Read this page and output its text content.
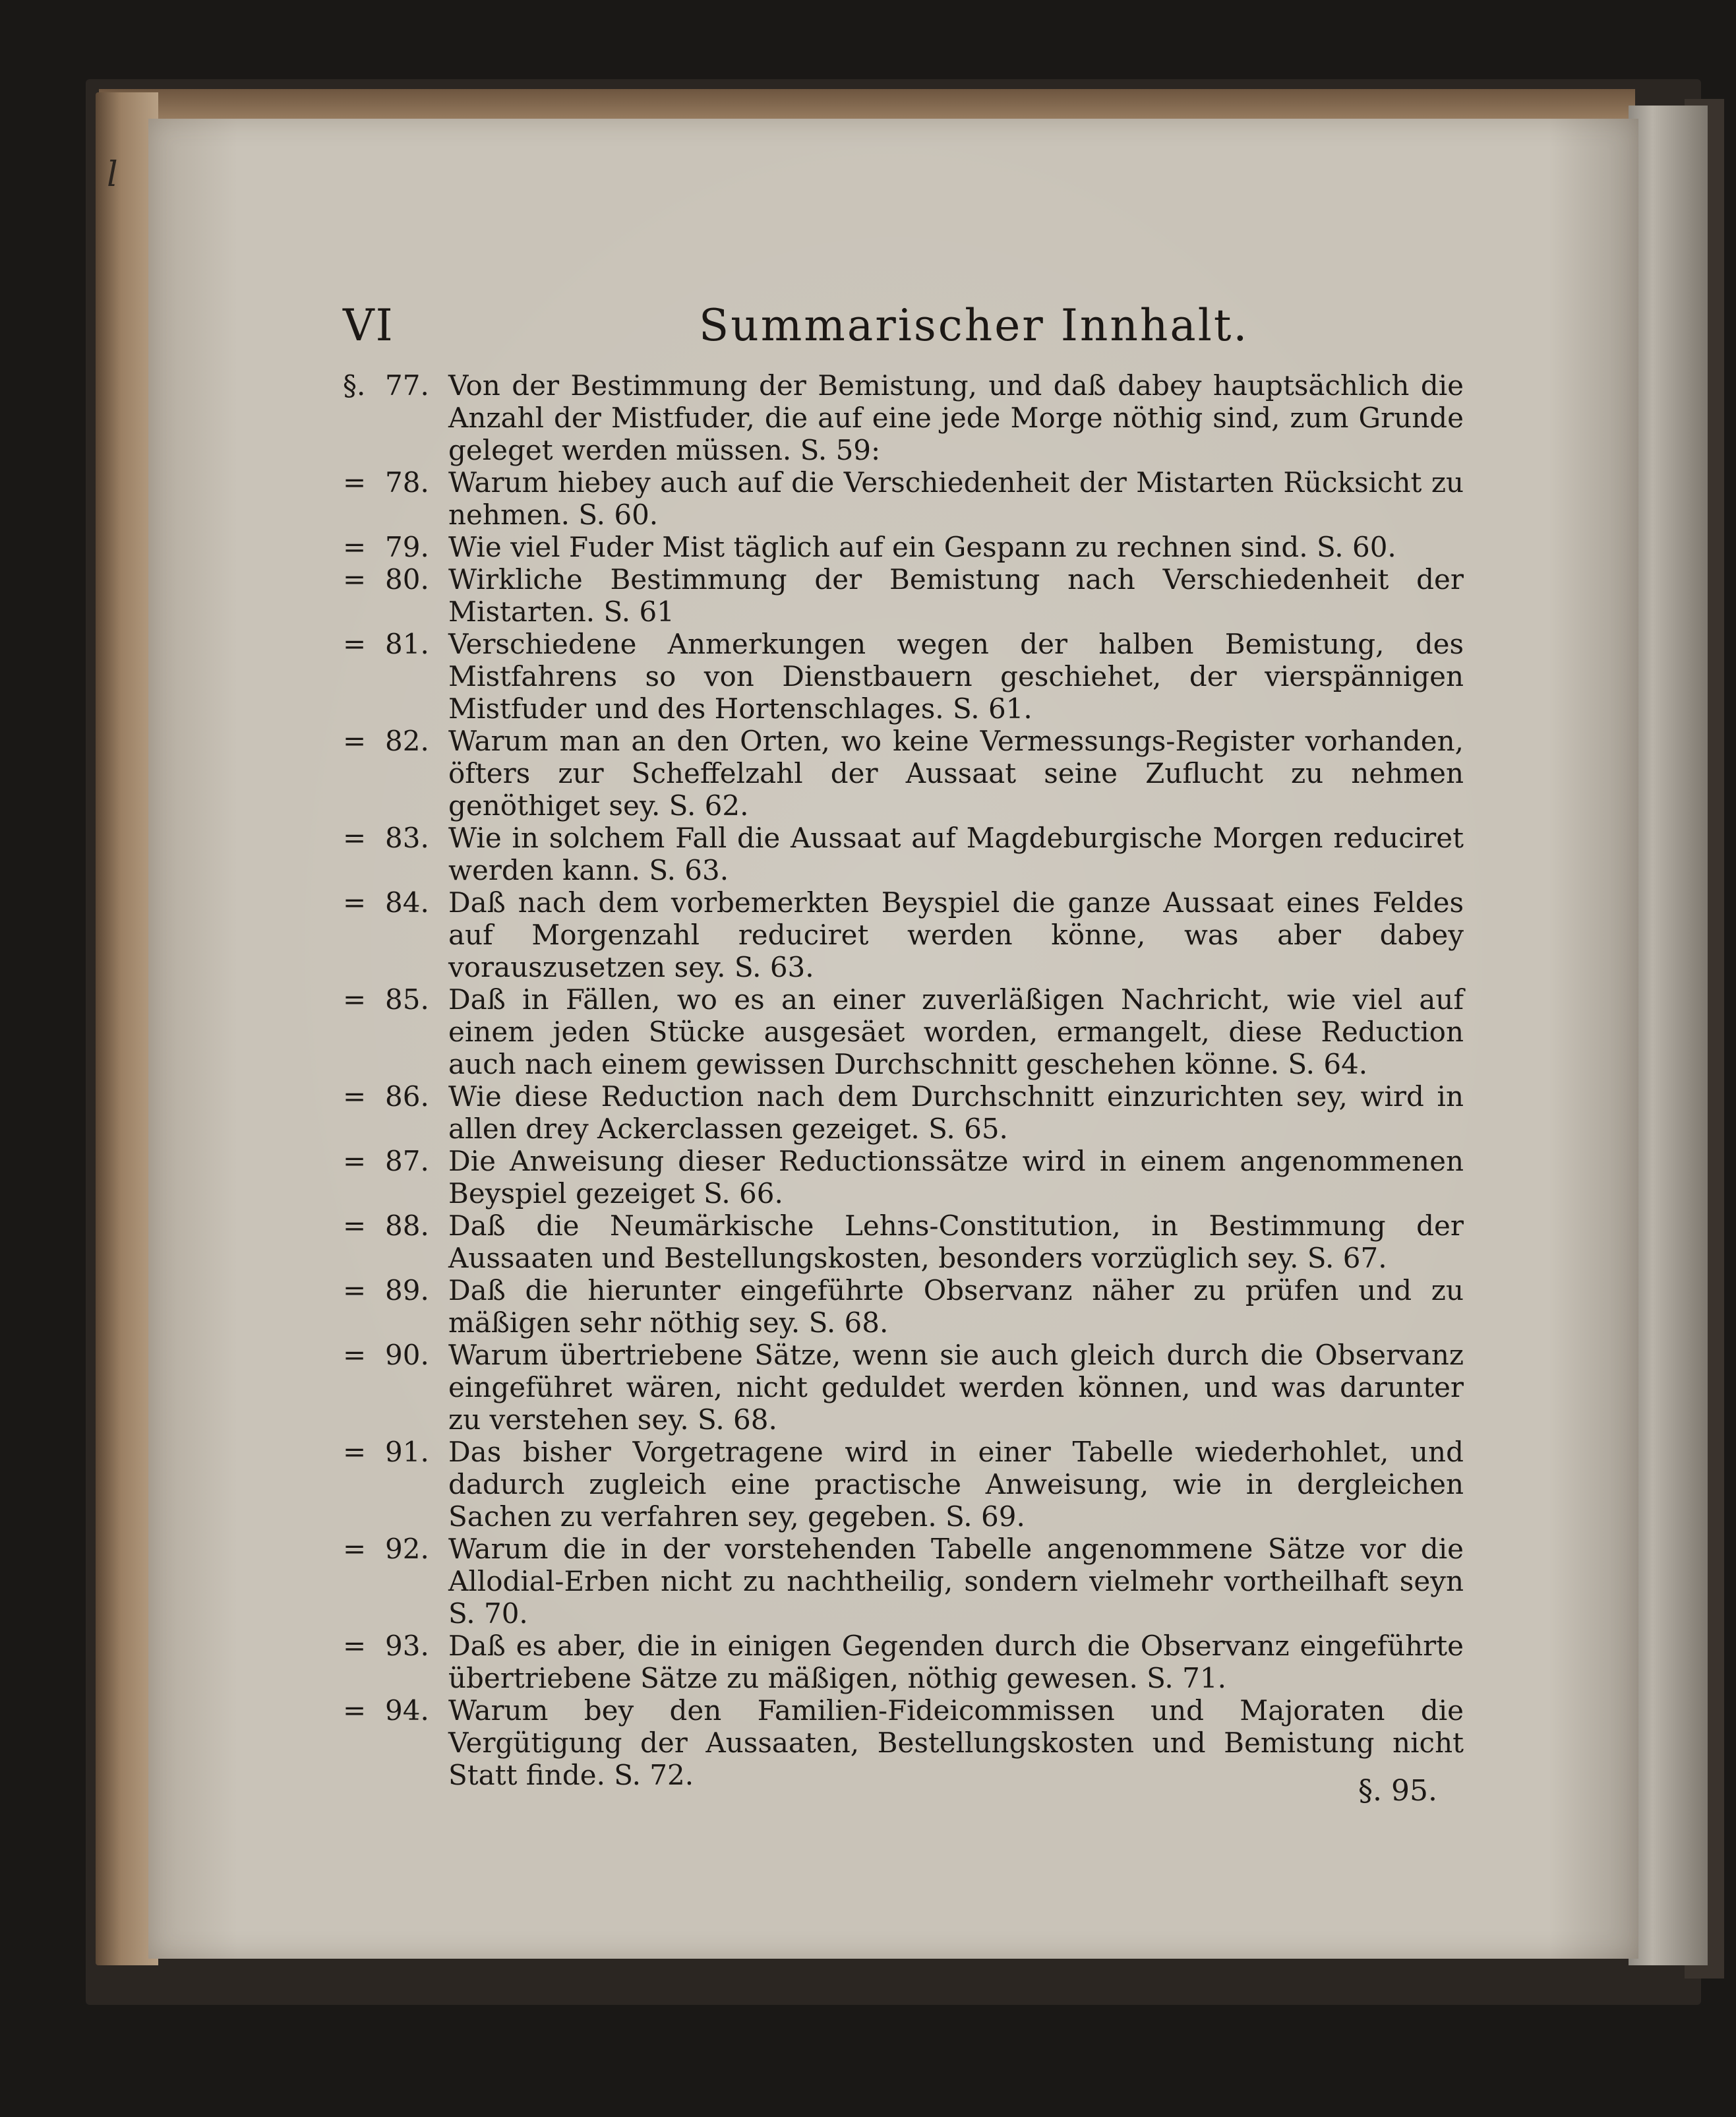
l
VI	Summarischer Innhalt.
§. 77. Von der Bestimmung der Bemistung, und daß dabey hauptsächlich die Anzahl der Mistfuder, die auf eine jede Morge nöthig sind, zum Grunde geleget werden müssen. S. 59:
= 78. Warum hiebey auch auf die Verschiedenheit der Mistarten Rücksicht zu nehmen. S. 60.
= 79. Wie viel Fuder Mist täglich auf ein Gespann zu rechnen sind. S. 60.
= 80. Wirkliche Bestimmung der Bemistung nach Verschiedenheit der Mistarten. S. 61
= 81. Verschiedene Anmerkungen wegen der halben Bemistung, des Mistfahrens so von Dienstbauern geschiehet, der vierspännigen Mistfuder und des Hortenschlages. S. 61.
= 82. Warum man an den Orten, wo keine Vermessungs-Register vorhanden, öfters zur Scheffelzahl der Aussaat seine Zuflucht zu nehmen genöthiget sey. S. 62.
= 83. Wie in solchem Fall die Aussaat auf Magdeburgische Morgen reduciret werden kann. S. 63.
= 84. Daß nach dem vorbemerkten Beyspiel die ganze Aussaat eines Feldes auf Morgenzahl reduciret werden könne, was aber dabey vorauszusetzen sey. S. 63.
= 85. Daß in Fällen, wo es an einer zuverläßigen Nachricht, wie viel auf einem jeden Stücke ausgesäet worden, ermangelt, diese Reduction auch nach einem gewissen Durchschnitt geschehen könne. S. 64.
= 86. Wie diese Reduction nach dem Durchschnitt einzurichten sey, wird in allen drey Ackerclassen gezeiget. S. 65.
= 87. Die Anweisung dieser Reductionssätze wird in einem angenommenen Beyspiel gezeiget S. 66.
= 88. Daß die Neumärkische Lehns-Constitution, in Bestimmung der Aussaaten und Bestellungskosten, besonders vorzüglich sey. S. 67.
= 89. Daß die hierunter eingeführte Observanz näher zu prüfen und zu mäßigen sehr nöthig sey. S. 68.
= 90. Warum übertriebene Sätze, wenn sie auch gleich durch die Observanz eingeführet wären, nicht geduldet werden können, und was darunter zu verstehen sey. S. 68.
= 91. Das bisher Vorgetragene wird in einer Tabelle wiederhohlet, und dadurch zugleich eine practische Anweisung, wie in dergleichen Sachen zu verfahren sey, gegeben. S. 69.
= 92. Warum die in der vorstehenden Tabelle angenommene Sätze vor die Allodial-Erben nicht zu nachtheilig, sondern vielmehr vortheilhaft seyn S. 70.
= 93. Daß es aber, die in einigen Gegenden durch die Observanz eingeführte übertriebene Sätze zu mäßigen, nöthig gewesen. S. 71.
= 94. Warum bey den Familien-Fideicommissen und Majoraten die Vergütigung der Aussaaten, Bestellungskosten und Bemistung nicht Statt finde. S. 72.	§. 95.
